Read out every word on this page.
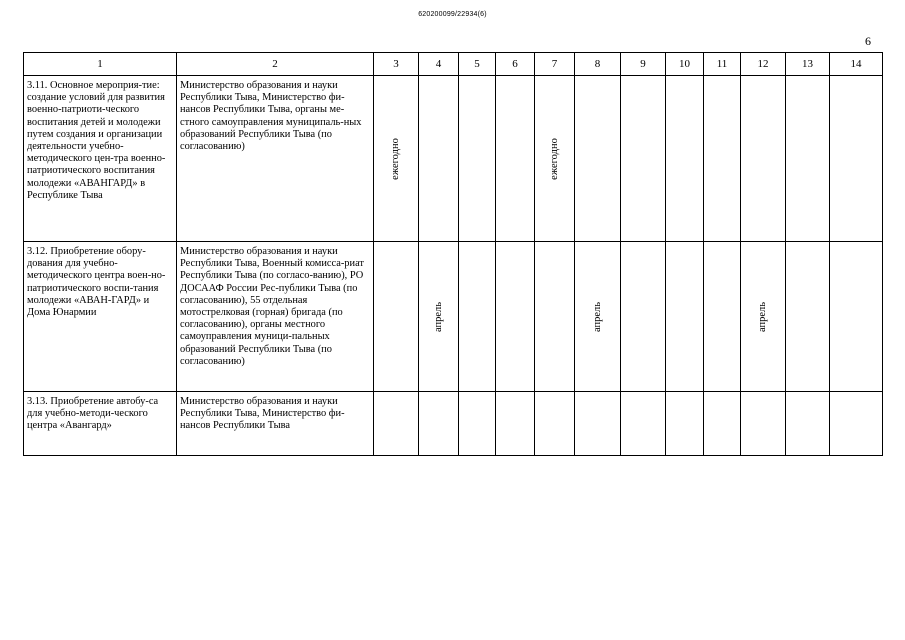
620200099/22934(6)
6
1	2	3	4	5	6	7	8	9	10	11	12	13	14
3.11. Основное мероприя-тие: создание условий для развития военно-патриоти-ческого воспитания детей и молодежи путем создания и организации деятельности учебно-методического цен-тра военно-патриотического воспитания молодежи «АВАНГАРД» в Республике Тыва	Министерство образования и науки Республики Тыва, Министерство фи-нансов Республики Тыва, органы ме-стного самоуправления муниципаль-ных образований Республики Тыва (по согласованию)	ежегодно				ежегодно							

3.12. Приобретение обору-дования для учебно-методического центра воен-но-патриотического воспи-тания молодежи «АВАН-ГАРД» и Дома Юнармии	Министерство образования и науки Республики Тыва, Военный комисса-риат Республики Тыва (по согласо-ванию), РО ДОСААФ России Рес-публики Тыва (по согласованию), 55 отдельная мотострелковая (горная) бригада (по согласованию), органы местного самоуправления муници-пальных образований Республики Тыва (по согласованию)		апрель				апрель				апрель		

3.13. Приобретение автобу-са для учебно-методи-ческого центра «Авангард»	Министерство образования и науки Республики Тыва, Министерство фи-нансов Республики Тыва												
